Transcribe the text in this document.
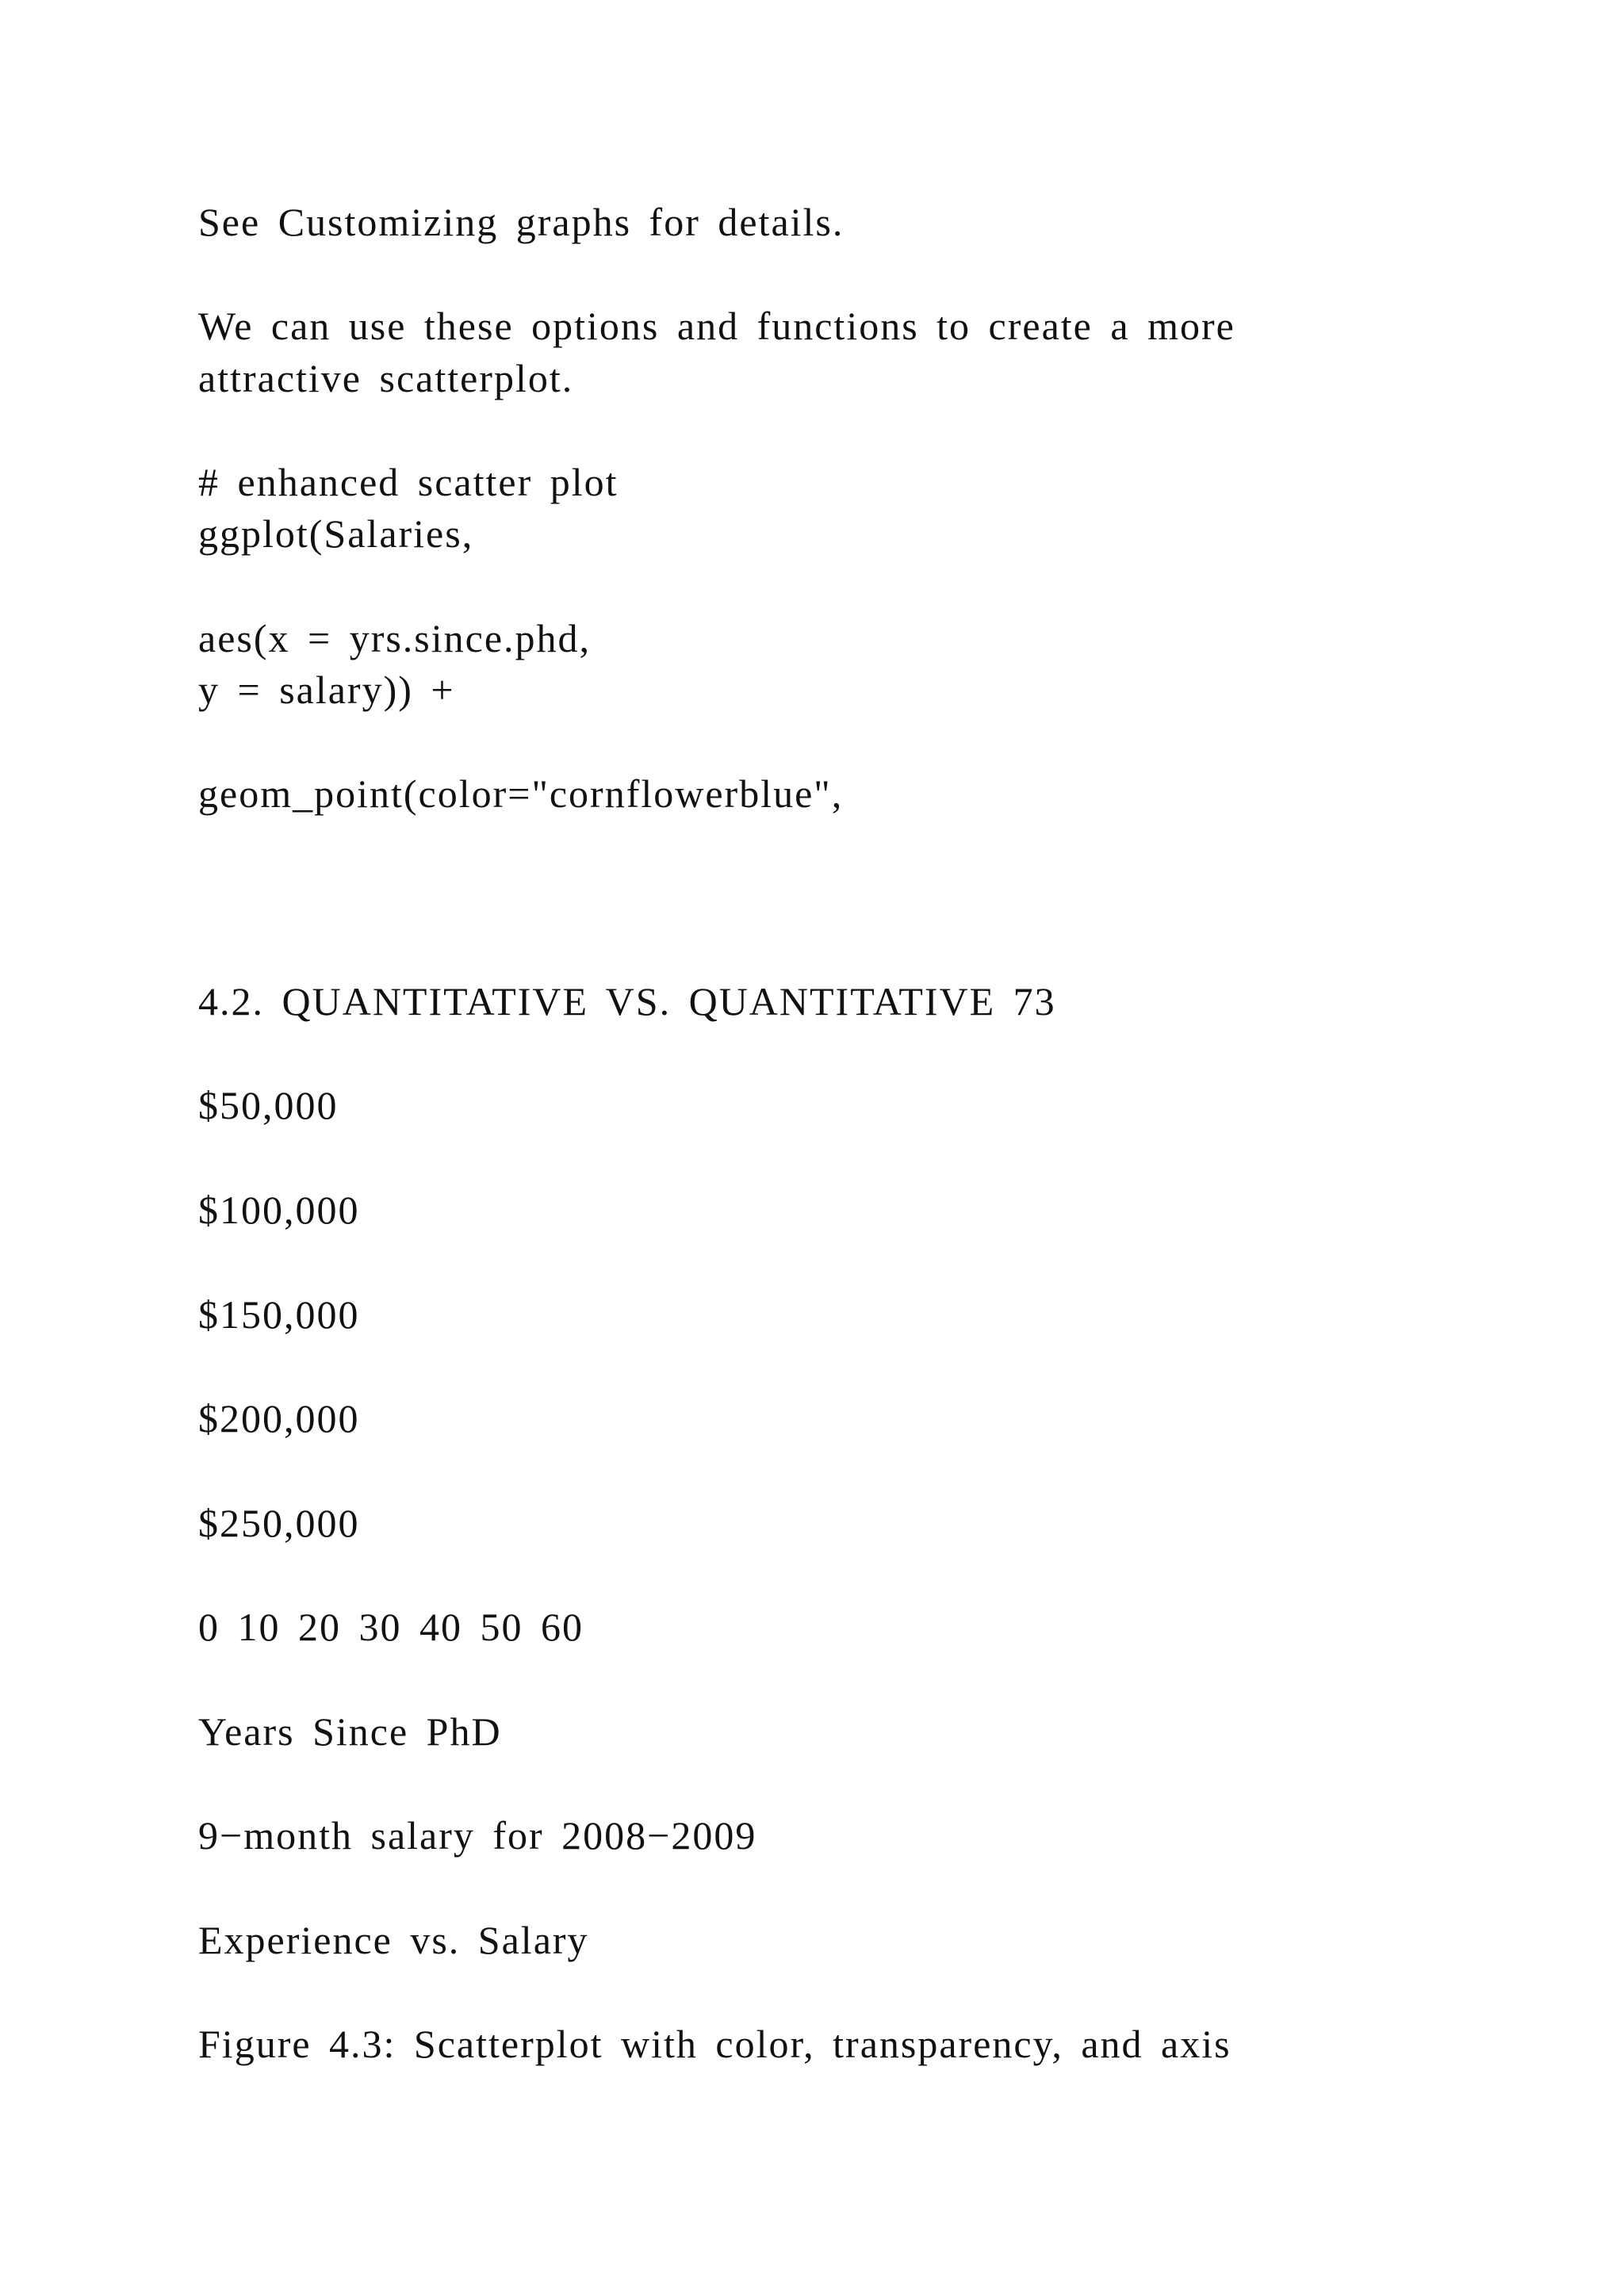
See Customizing graphs for details.
We can use these options and functions to create a more
attractive scatterplot.
# enhanced scatter plot
ggplot(Salaries,
aes(x = yrs.since.phd,
y = salary)) +
geom_point(color="cornflowerblue",
4.2. QUANTITATIVE VS. QUANTITATIVE 73
$50,000
$100,000
$150,000
$200,000
$250,000
0 10 20 30 40 50 60
Years Since PhD
9−month salary for 2008−2009
Experience vs. Salary
Figure 4.3: Scatterplot with color, transparency, and axis
